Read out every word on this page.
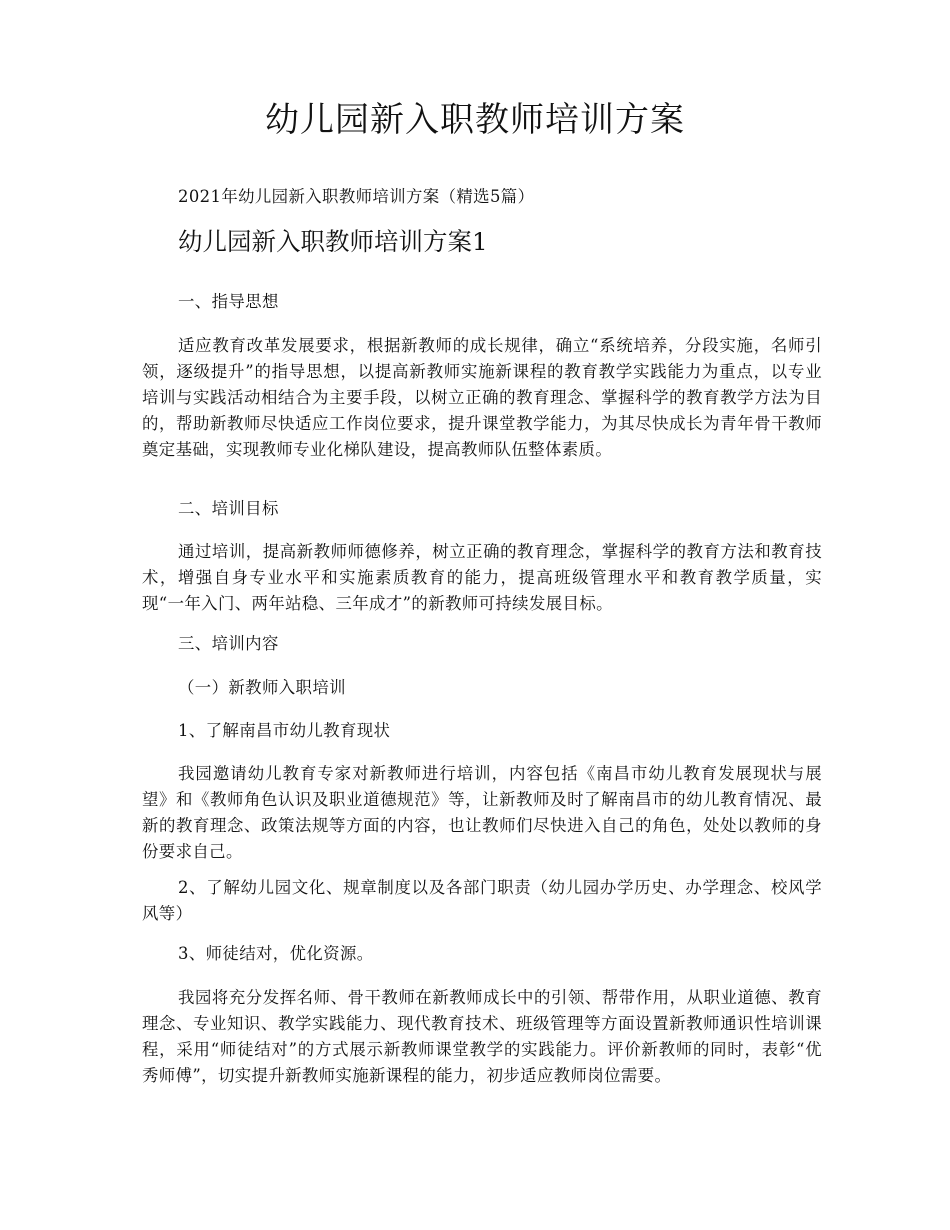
幼儿园新入职教师培训方案
2021年幼儿园新入职教师培训方案（精选5篇）
幼儿园新入职教师培训方案1
一、指导思想
适应教育改革发展要求，根据新教师的成长规律，确立“系统培养，分段实施，名师引领，逐级提升”的指导思想，以提高新教师实施新课程的教育教学实践能力为重点，以专业培训与实践活动相结合为主要手段，以树立正确的教育理念、掌握科学的教育教学方法为目的，帮助新教师尽快适应工作岗位要求，提升课堂教学能力，为其尽快成长为青年骨干教师奠定基础，实现教师专业化梯队建设，提高教师队伍整体素质。
二、培训目标
通过培训，提高新教师师德修养，树立正确的教育理念，掌握科学的教育方法和教育技术，增强自身专业水平和实施素质教育的能力，提高班级管理水平和教育教学质量，实现“一年入门、两年站稳、三年成才”的新教师可持续发展目标。
三、培训内容
（一）新教师入职培训
1、了解南昌市幼儿教育现状
我园邀请幼儿教育专家对新教师进行培训，内容包括《南昌市幼儿教育发展现状与展望》和《教师角色认识及职业道德规范》等，让新教师及时了解南昌市的幼儿教育情况、最新的教育理念、政策法规等方面的内容，也让教师们尽快进入自己的角色，处处以教师的身份要求自己。
2、了解幼儿园文化、规章制度以及各部门职责（幼儿园办学历史、办学理念、校风学风等）
3、师徒结对，优化资源。
我园将充分发挥名师、骨干教师在新教师成长中的引领、帮带作用，从职业道德、教育理念、专业知识、教学实践能力、现代教育技术、班级管理等方面设置新教师通识性培训课程，采用“师徒结对”的方式展示新教师课堂教学的实践能力。评价新教师的同时，表彰“优秀师傅”，切实提升新教师实施新课程的能力，初步适应教师岗位需要。
